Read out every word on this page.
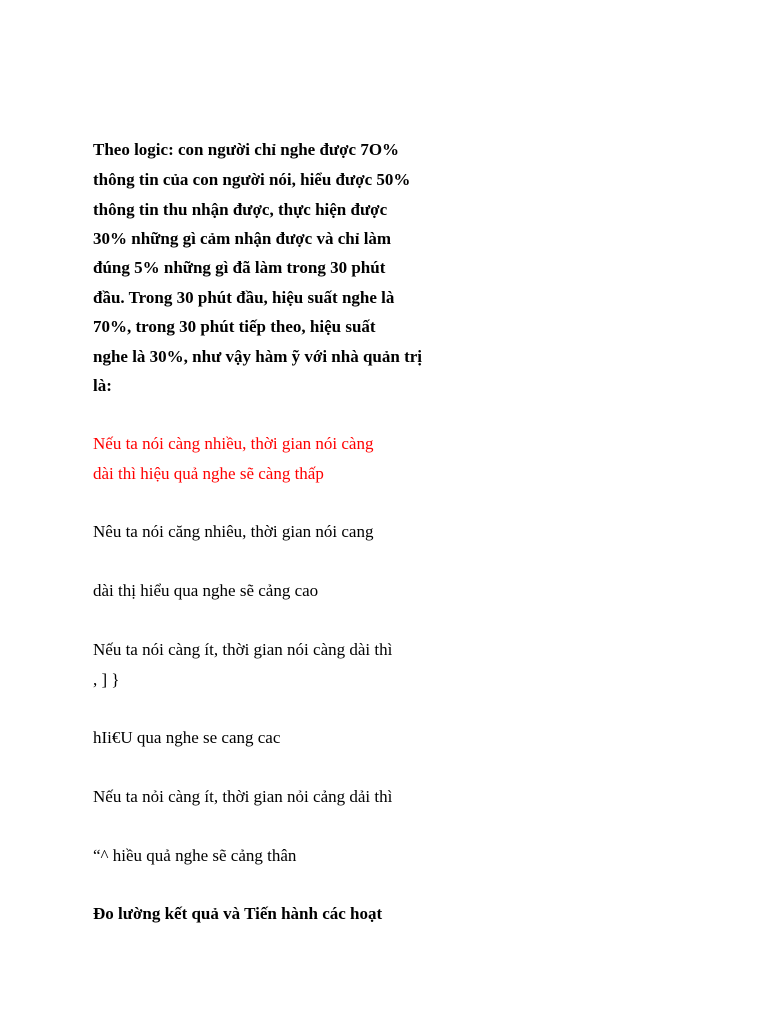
Theo logic: con người chỉ nghe được 7O%
thông tin của con người nói, hiểu được 50%
thông tin thu nhận được, thực hiện được
30% những gì cảm nhận được và chỉ làm
đúng 5% những gì đã làm trong 30 phút
đầu. Trong 30 phút đầu, hiệu suất nghe là
70%, trong 30 phút tiếp theo, hiệu suất
nghe là 30%, như vậy hàm ỹ với nhà quản trị
là:
Nếu ta nói càng nhiều, thời gian nói càng
dài thì hiệu quả nghe sẽ càng thấp
Nêu ta nói căng nhiêu, thời gian nói cang
dài thị hiểu qua nghe sẽ cảng cao
Nếu ta nói càng ít, thời gian nói càng dài thì
, ] }
hIi€U qua nghe se cang cac
Nếu ta nỏi càng ít, thời gian nỏi cảng dải thì
“^ hiều quả nghe sẽ cảng thân
Đo lường kết quả và Tiến hành các hoạt
